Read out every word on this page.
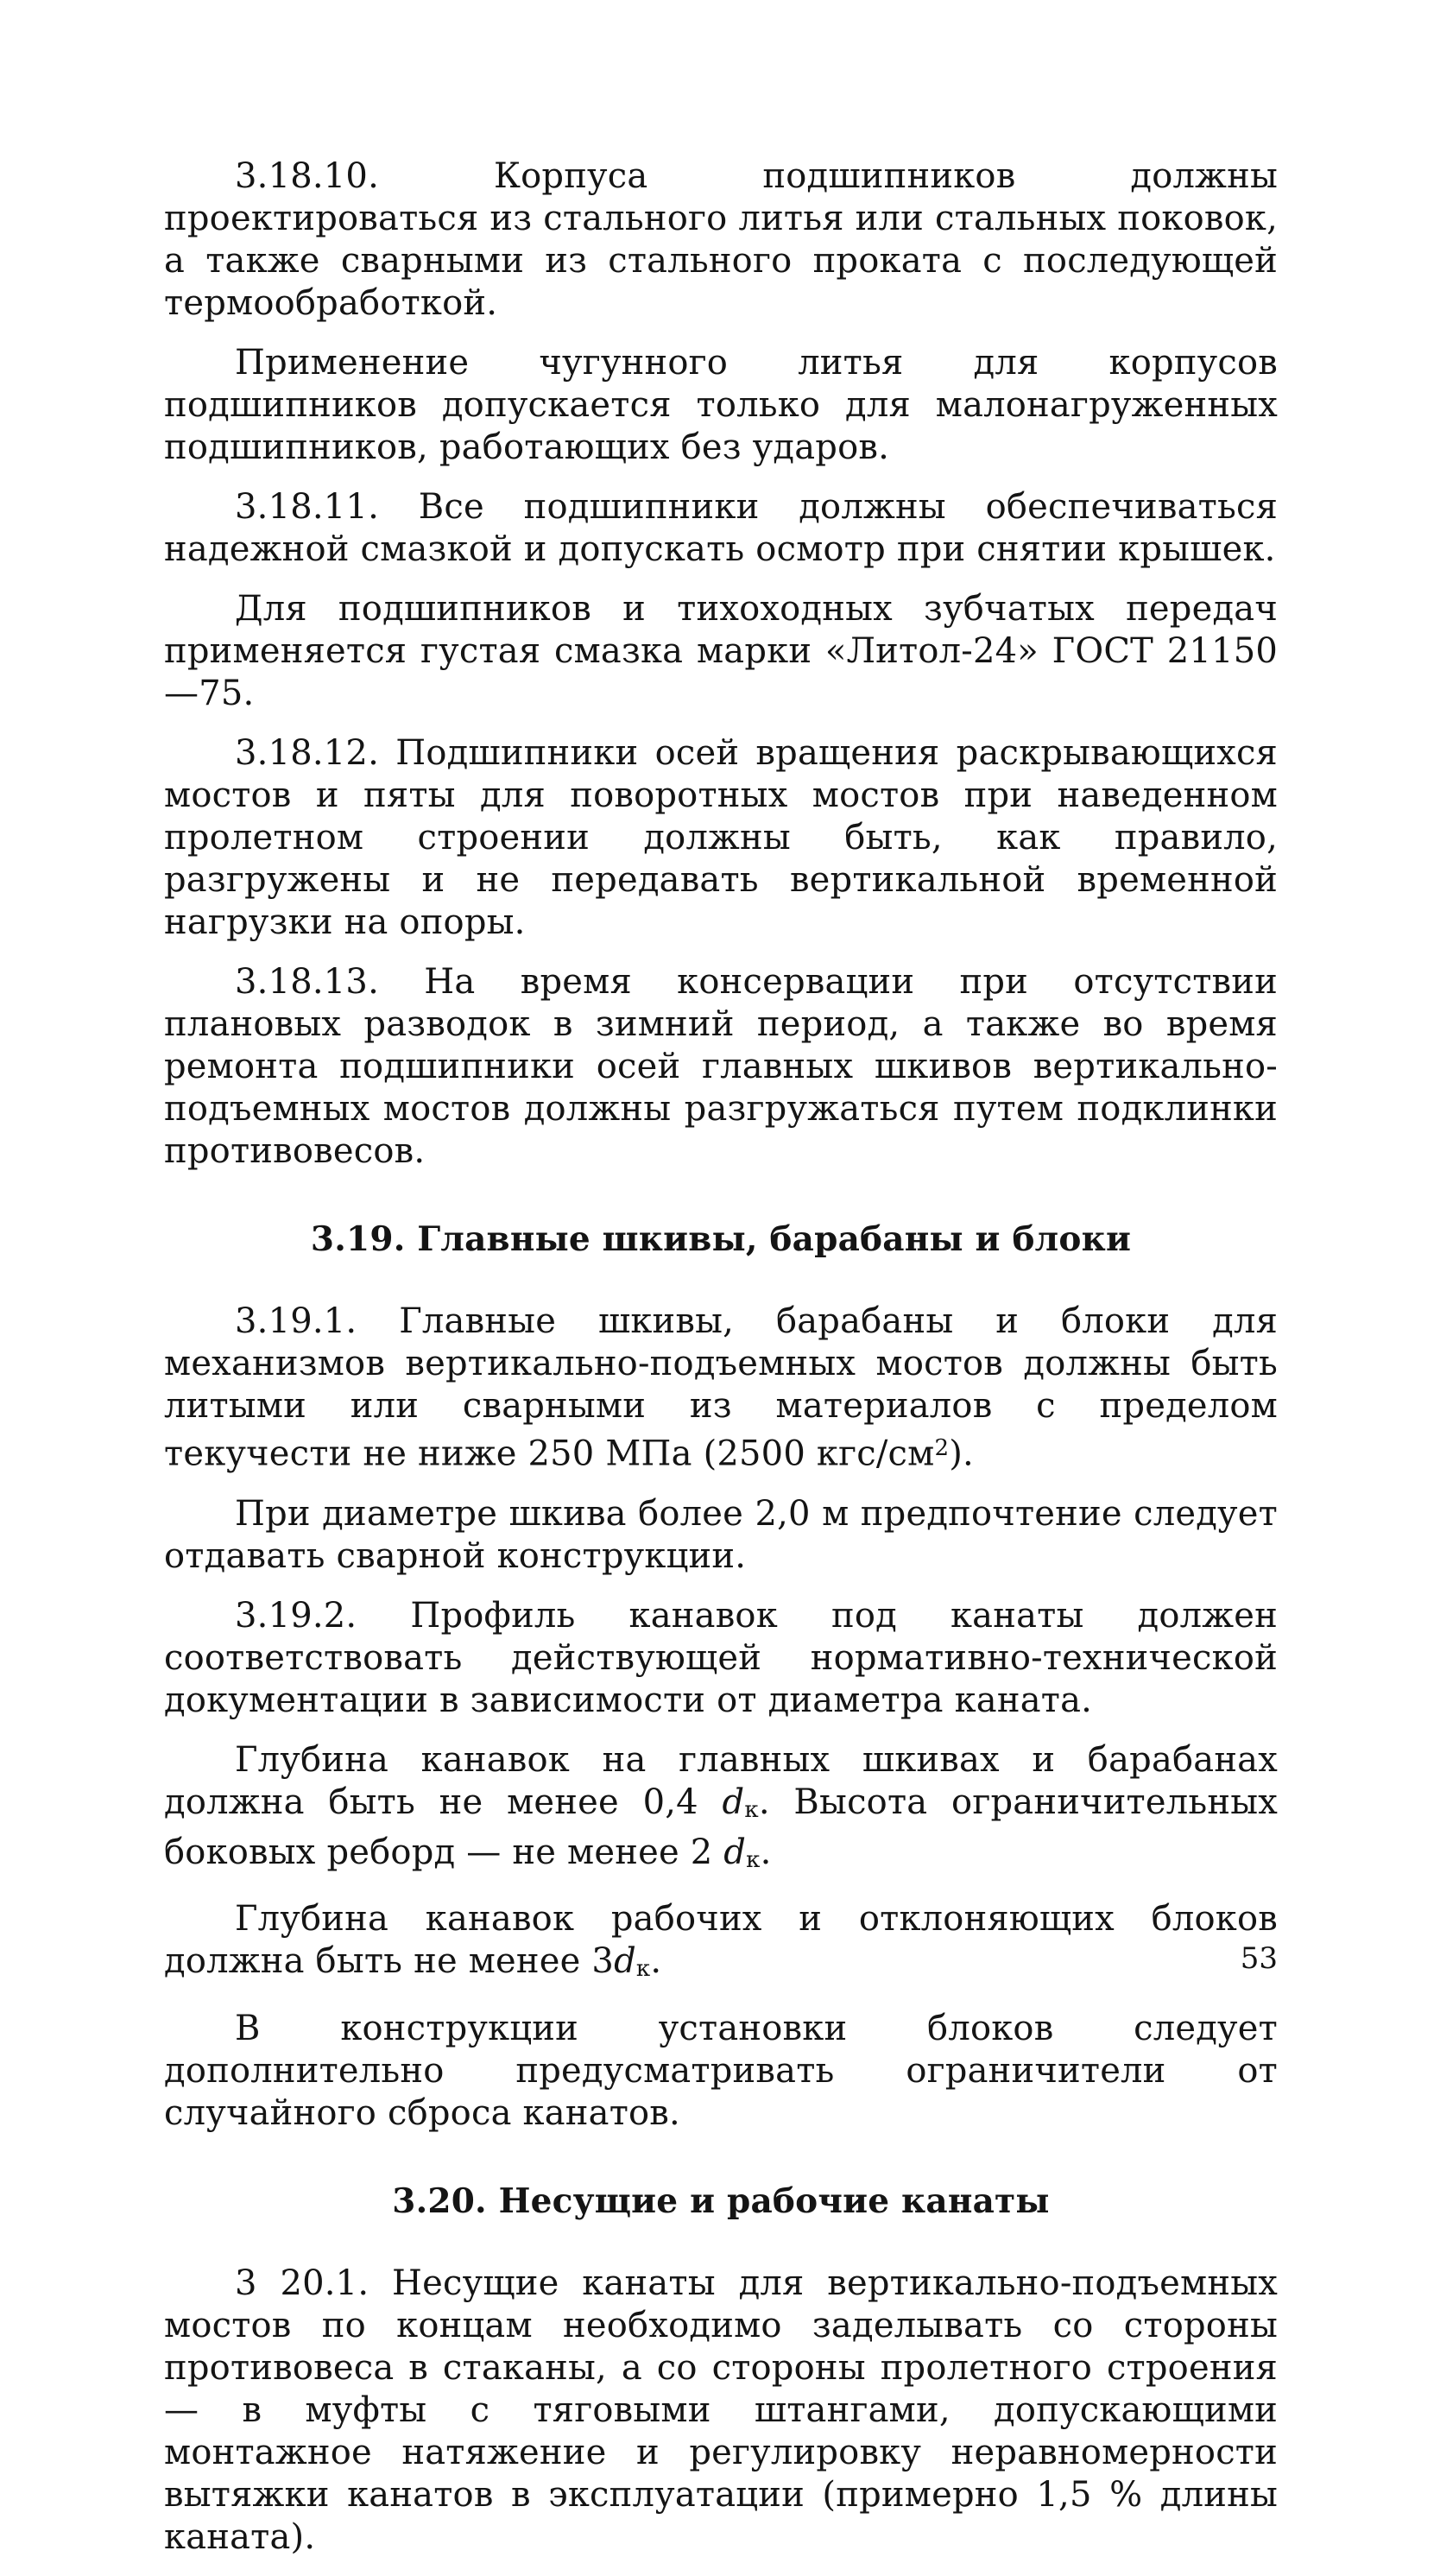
3.18.10. Корпуса подшипников должны проектироваться из стального литья или стальных поковок, а также сварными из стального проката с последующей термообработкой.

Применение чугунного литья для корпусов подшипников допускается только для малонагруженных подшипников, работающих без ударов.

3.18.11. Все подшипники должны обеспечиваться надежной смазкой и допускать осмотр при снятии крышек.

Для подшипников и тихоходных зубчатых передач применяется густая смазка марки «Литол-24» ГОСТ 21150—75.

3.18.12. Подшипники осей вращения раскрывающихся мостов и пяты для поворотных мостов при наведенном пролетном строении должны быть, как правило, разгружены и не передавать вертикальной временной нагрузки на опоры.

3.18.13. На время консервации при отсутствии плановых разводок в зимний период, а также во время ремонта подшипники осей главных шкивов вертикально-подъемных мостов должны разгружаться путем подклинки противовесов.

3.19. Главные шкивы, барабаны и блоки

3.19.1. Главные шкивы, барабаны и блоки для механизмов вертикально-подъемных мостов должны быть литыми или сварными из материалов с пределом текучести не ниже 250 МПа (2500 кгс/$см^2$).

При диаметре шкива более 2,0 м предпочтение следует отдавать сварной конструкции.

3.19.2. Профиль канавок под канаты должен соответствовать действующей нормативно-технической документации в зависимости от диаметра каната.

Глубина канавок на главных шкивах и барабанах должна быть не менее 0,4 dк. Высота ограничительных боковых реборд — не менее 2 dк.

Глубина канавок рабочих и отклоняющих блоков должна быть не менее 3dк.

В конструкции установки блоков следует дополнительно предусматривать ограничители от случайного сброса канатов.

3.20. Несущие и рабочие канаты

3 20.1. Несущие канаты для вертикально-подъемных мостов по концам необходимо заделывать со стороны противовеса в стаканы, а со стороны пролетного строения — в муфты с тяговыми штангами, допускающими монтажное натяжение и регулировку неравномерности вытяжки канатов в эксплуатации (примерно 1,5 % длины каната).

53
